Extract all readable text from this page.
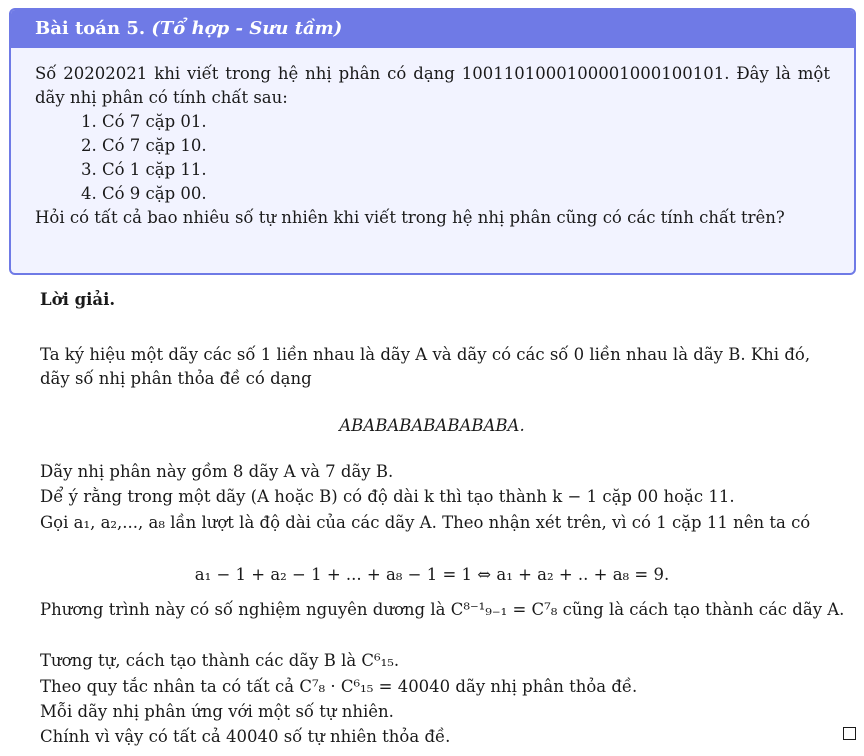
Bài toán 5. (Tổ hợp - Sưu tầm)
Số 20202021 khi viết trong hệ nhị phân có dạng 1001101000100001000100101. Đây là một dãy nhị phân có tính chất sau:
1. Có 7 cặp 01.
2. Có 7 cặp 10.
3. Có 1 cặp 11.
4. Có 9 cặp 00.
Hỏi có tất cả bao nhiêu số tự nhiên khi viết trong hệ nhị phân cũng có các tính chất trên?
Lời giải.
Ta ký hiệu một dãy các số 1 liền nhau là dãy A và dãy có các số 0 liền nhau là dãy B. Khi đó, dãy số nhị phân thỏa đề có dạng
ABABABABABABABA.
Dãy nhị phân này gồm 8 dãy A và 7 dãy B.
Dể ý rằng trong một dãy (A hoặc B) có độ dài k thì tạo thành k − 1 cặp 00 hoặc 11.
Gọi a₁, a₂,..., a₈ lần lượt là độ dài của các dãy A. Theo nhận xét trên, vì có 1 cặp 11 nên ta có
a₁ − 1 + a₂ − 1 + ... + a₈ − 1 = 1 ⇔ a₁ + a₂ + .. + a₈ = 9.
Phương trình này có số nghiệm nguyên dương là C⁸⁻¹₉₋₁ = C⁷₈ cũng là cách tạo thành các dãy A.
Tương tự, cách tạo thành các dãy B là C⁶₁₅.
Theo quy tắc nhân ta có tất cả C⁷₈ · C⁶₁₅ = 40040 dãy nhị phân thỏa đề.
Mỗi dãy nhị phân ứng với một số tự nhiên.
Chính vì vậy có tất cả 40040 số tự nhiên thỏa đề.
